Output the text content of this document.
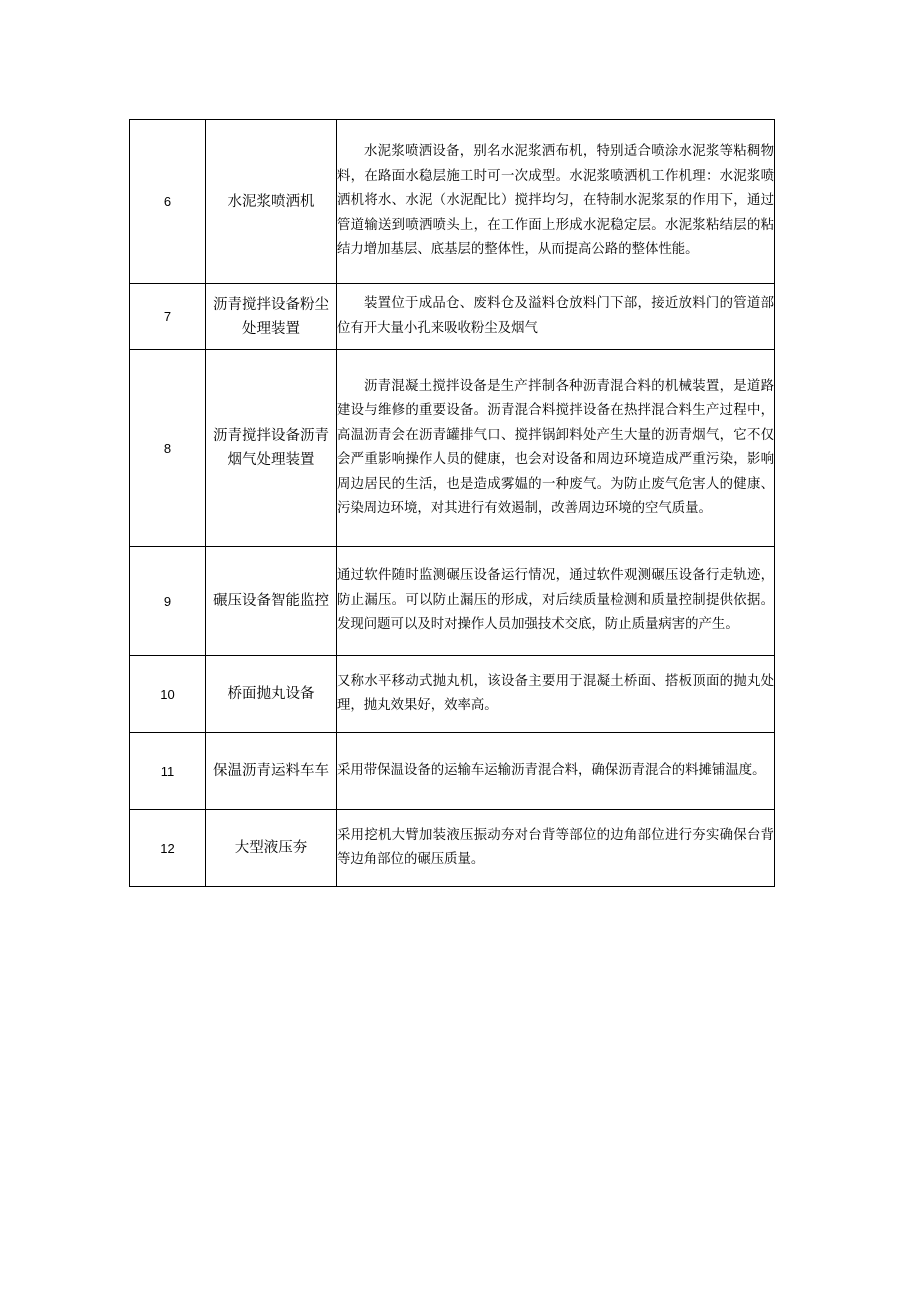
6	水泥浆喷洒机	水泥浆喷洒设备，别名水泥浆洒布机，特别适合喷涂水泥浆等粘稠物料，在路面水稳层施工时可一次成型。水泥浆喷洒机工作机理：水泥浆喷洒机将水、水泥（水泥配比）搅拌均匀，在特制水泥浆泵的作用下，通过管道输送到喷洒喷头上，在工作面上形成水泥稳定层。水泥浆粘结层的粘结力增加基层、底基层的整体性，从而提高公路的整体性能。
7	沥青搅拌设备粉尘处理装置	装置位于成品仓、废料仓及溢料仓放料门下部，接近放料门的管道部位有开大量小孔来吸收粉尘及烟气
8	沥青搅拌设备沥青烟气处理装置	沥青混凝土搅拌设备是生产拌制各种沥青混合料的机械装置，是道路建设与维修的重要设备。沥青混合料搅拌设备在热拌混合料生产过程中，高温沥青会在沥青罐排气口、搅拌锅卸料处产生大量的沥青烟气，它不仅会严重影响操作人员的健康，也会对设备和周边环境造成严重污染，影响周边居民的生活，也是造成雾媪的一种废气。为防止废气危害人的健康、污染周边环境，对其进行有效遏制，改善周边环境的空气质量。
9	碾压设备智能监控	通过软件随时监测碾压设备运行情况，通过软件观测碾压设备行走轨迹，防止漏压。可以防止漏压的形成，对后续质量检测和质量控制提供依据。发现问题可以及时对操作人员加强技术交底，防止质量病害的产生。
10	桥面抛丸设备	又称水平移动式抛丸机，该设备主要用于混凝土桥面、搭板顶面的抛丸处理，抛丸效果好，效率高。
11	保温沥青运料车车	采用带保温设备的运输车运输沥青混合料，确保沥青混合的料摊铺温度。
12	大型液压夯	采用挖机大臂加装液压振动夯对台背等部位的边角部位进行夯实确保台背等边角部位的碾压质量。
